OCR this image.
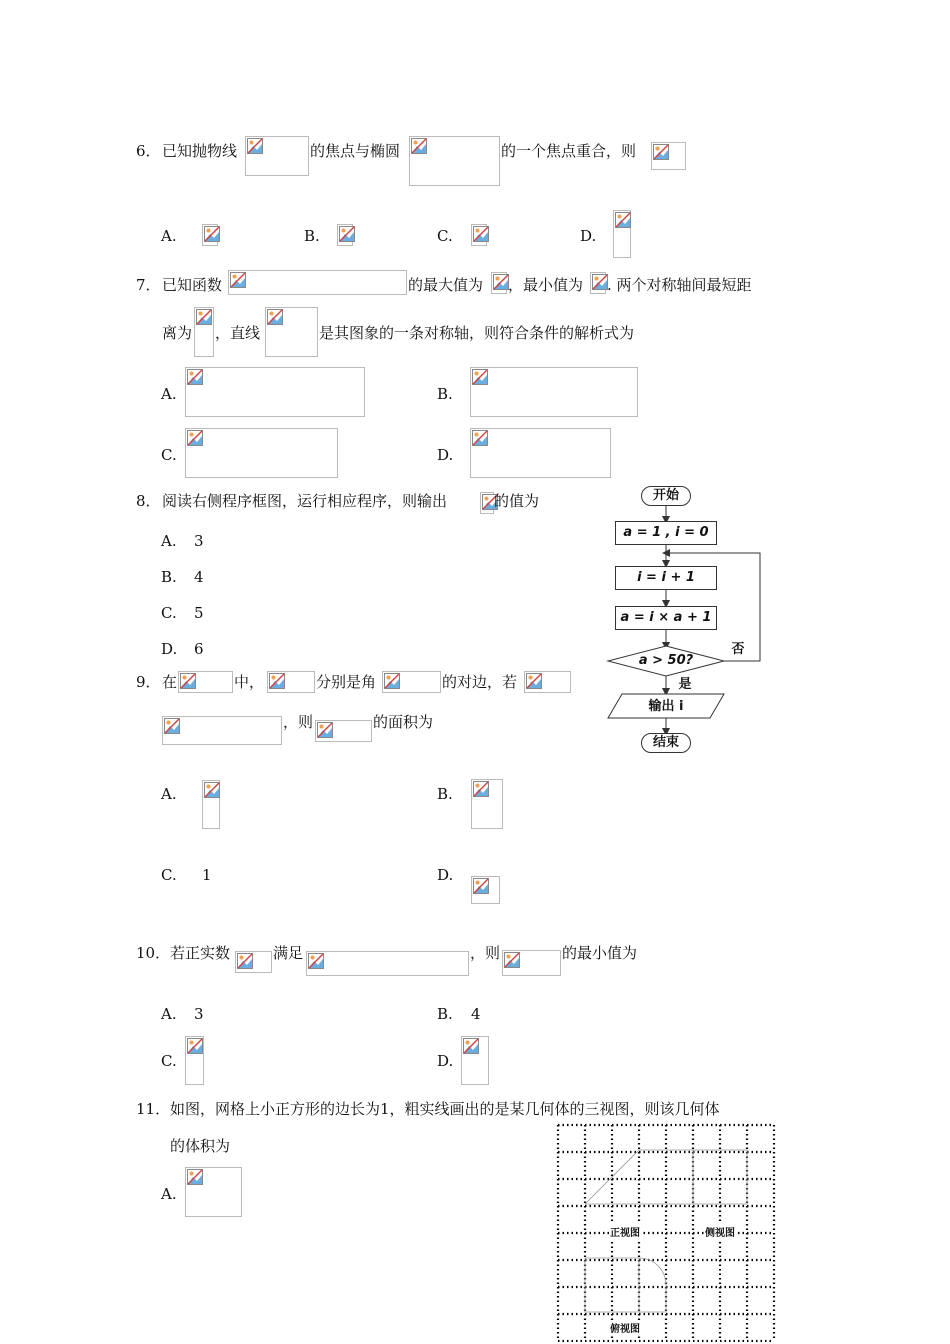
6． 已知抛物线	的焦点与椭圆	的一个焦点重合，则
A.	B.	C.	D.
7． 已知函数	的最大值为 ，最小值为 . 两个对称轴间最短距
离为 ，直线	是其图象的一条对称轴，则符合条件的解析式为
A.	B.
C.	D.
8． 阅读右侧程序框图，运行相应程序，则输出	的值为
A. 3
B. 4
C. 5
D. 6
开始
a = 1 , i = 0
i = i + 1
a = i × a + 1
a > 50?
否
是
输出 i
结束
9． 在	中，	分别是角	的对边，若
，则	的面积为
A.	B.
C. 1	D.
10． 若正实数	满足	，则	的最小值为
A. 3	B. 4
C.	D.
11． 如图，网格上小正方形的边长为1，粗实线画出的是某几何体的三视图，则该几何体
的体积为
A.
正视图	侧视图
俯视图
